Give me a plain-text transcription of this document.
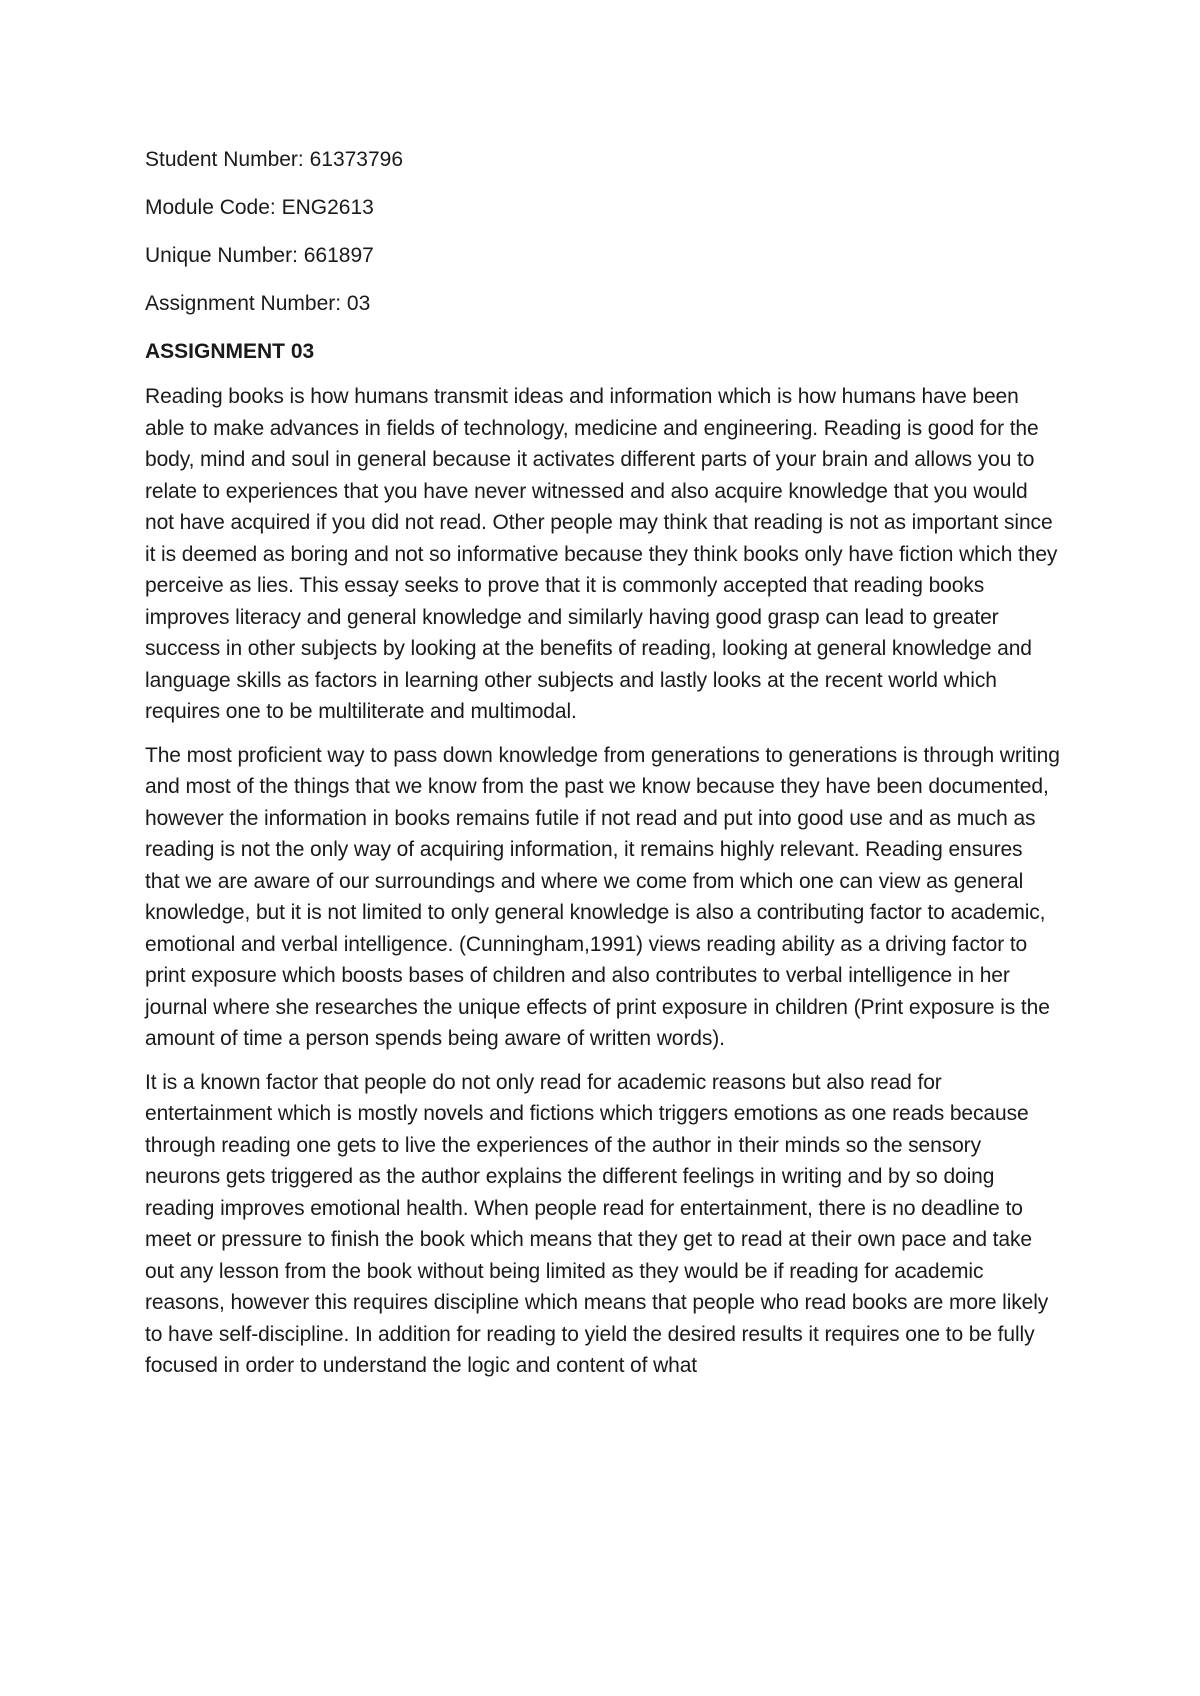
Student Number: 61373796

Module Code: ENG2613

Unique Number: 661897

Assignment Number: 03

ASSIGNMENT 03

Reading books is how humans transmit ideas and information which is how humans have been able to make advances in fields of technology, medicine and engineering. Reading is good for the body, mind and soul in general because it activates different parts of your brain and allows you to relate to experiences that you have never witnessed and also acquire knowledge that you would not have acquired if you did not read. Other people may think that reading is not as important since it is deemed as boring and not so informative because they think books only have fiction which they perceive as lies. This essay seeks to prove that it is commonly accepted that reading books improves literacy and general knowledge and similarly having good grasp can lead to greater success in other subjects by looking at the benefits of reading, looking at general knowledge and language skills as factors in learning other subjects and lastly looks at the recent world which requires one to be multiliterate and multimodal.

The most proficient way to pass down knowledge from generations to generations is through writing and most of the things that we know from the past we know because they have been documented, however the information in books remains futile if not read and put into good use and as much as reading is not the only way of acquiring information, it remains highly relevant. Reading ensures that we are aware of our surroundings and where we come from which one can view as general knowledge, but it is not limited to only general knowledge is also a contributing factor to academic, emotional and verbal intelligence. (Cunningham,1991) views reading ability as a driving factor to print exposure which boosts bases of children and also contributes to verbal intelligence in her journal where she researches the unique effects of print exposure in children (Print exposure is the amount of time a person spends being aware of written words).

It is a known factor that people do not only read for academic reasons but also read for entertainment which is mostly novels and fictions which triggers emotions as one reads because through reading one gets to live the experiences of the author in their minds so the sensory neurons gets triggered as the author explains the different feelings in writing and by so doing reading improves emotional health. When people read for entertainment, there is no deadline to meet or pressure to finish the book which means that they get to read at their own pace and take out any lesson from the book without being limited as they would be if reading for academic reasons, however this requires discipline which means that people who read books are more likely to have self-discipline. In addition for reading to yield the desired results it requires one to be fully focused in order to understand the logic and content of what
